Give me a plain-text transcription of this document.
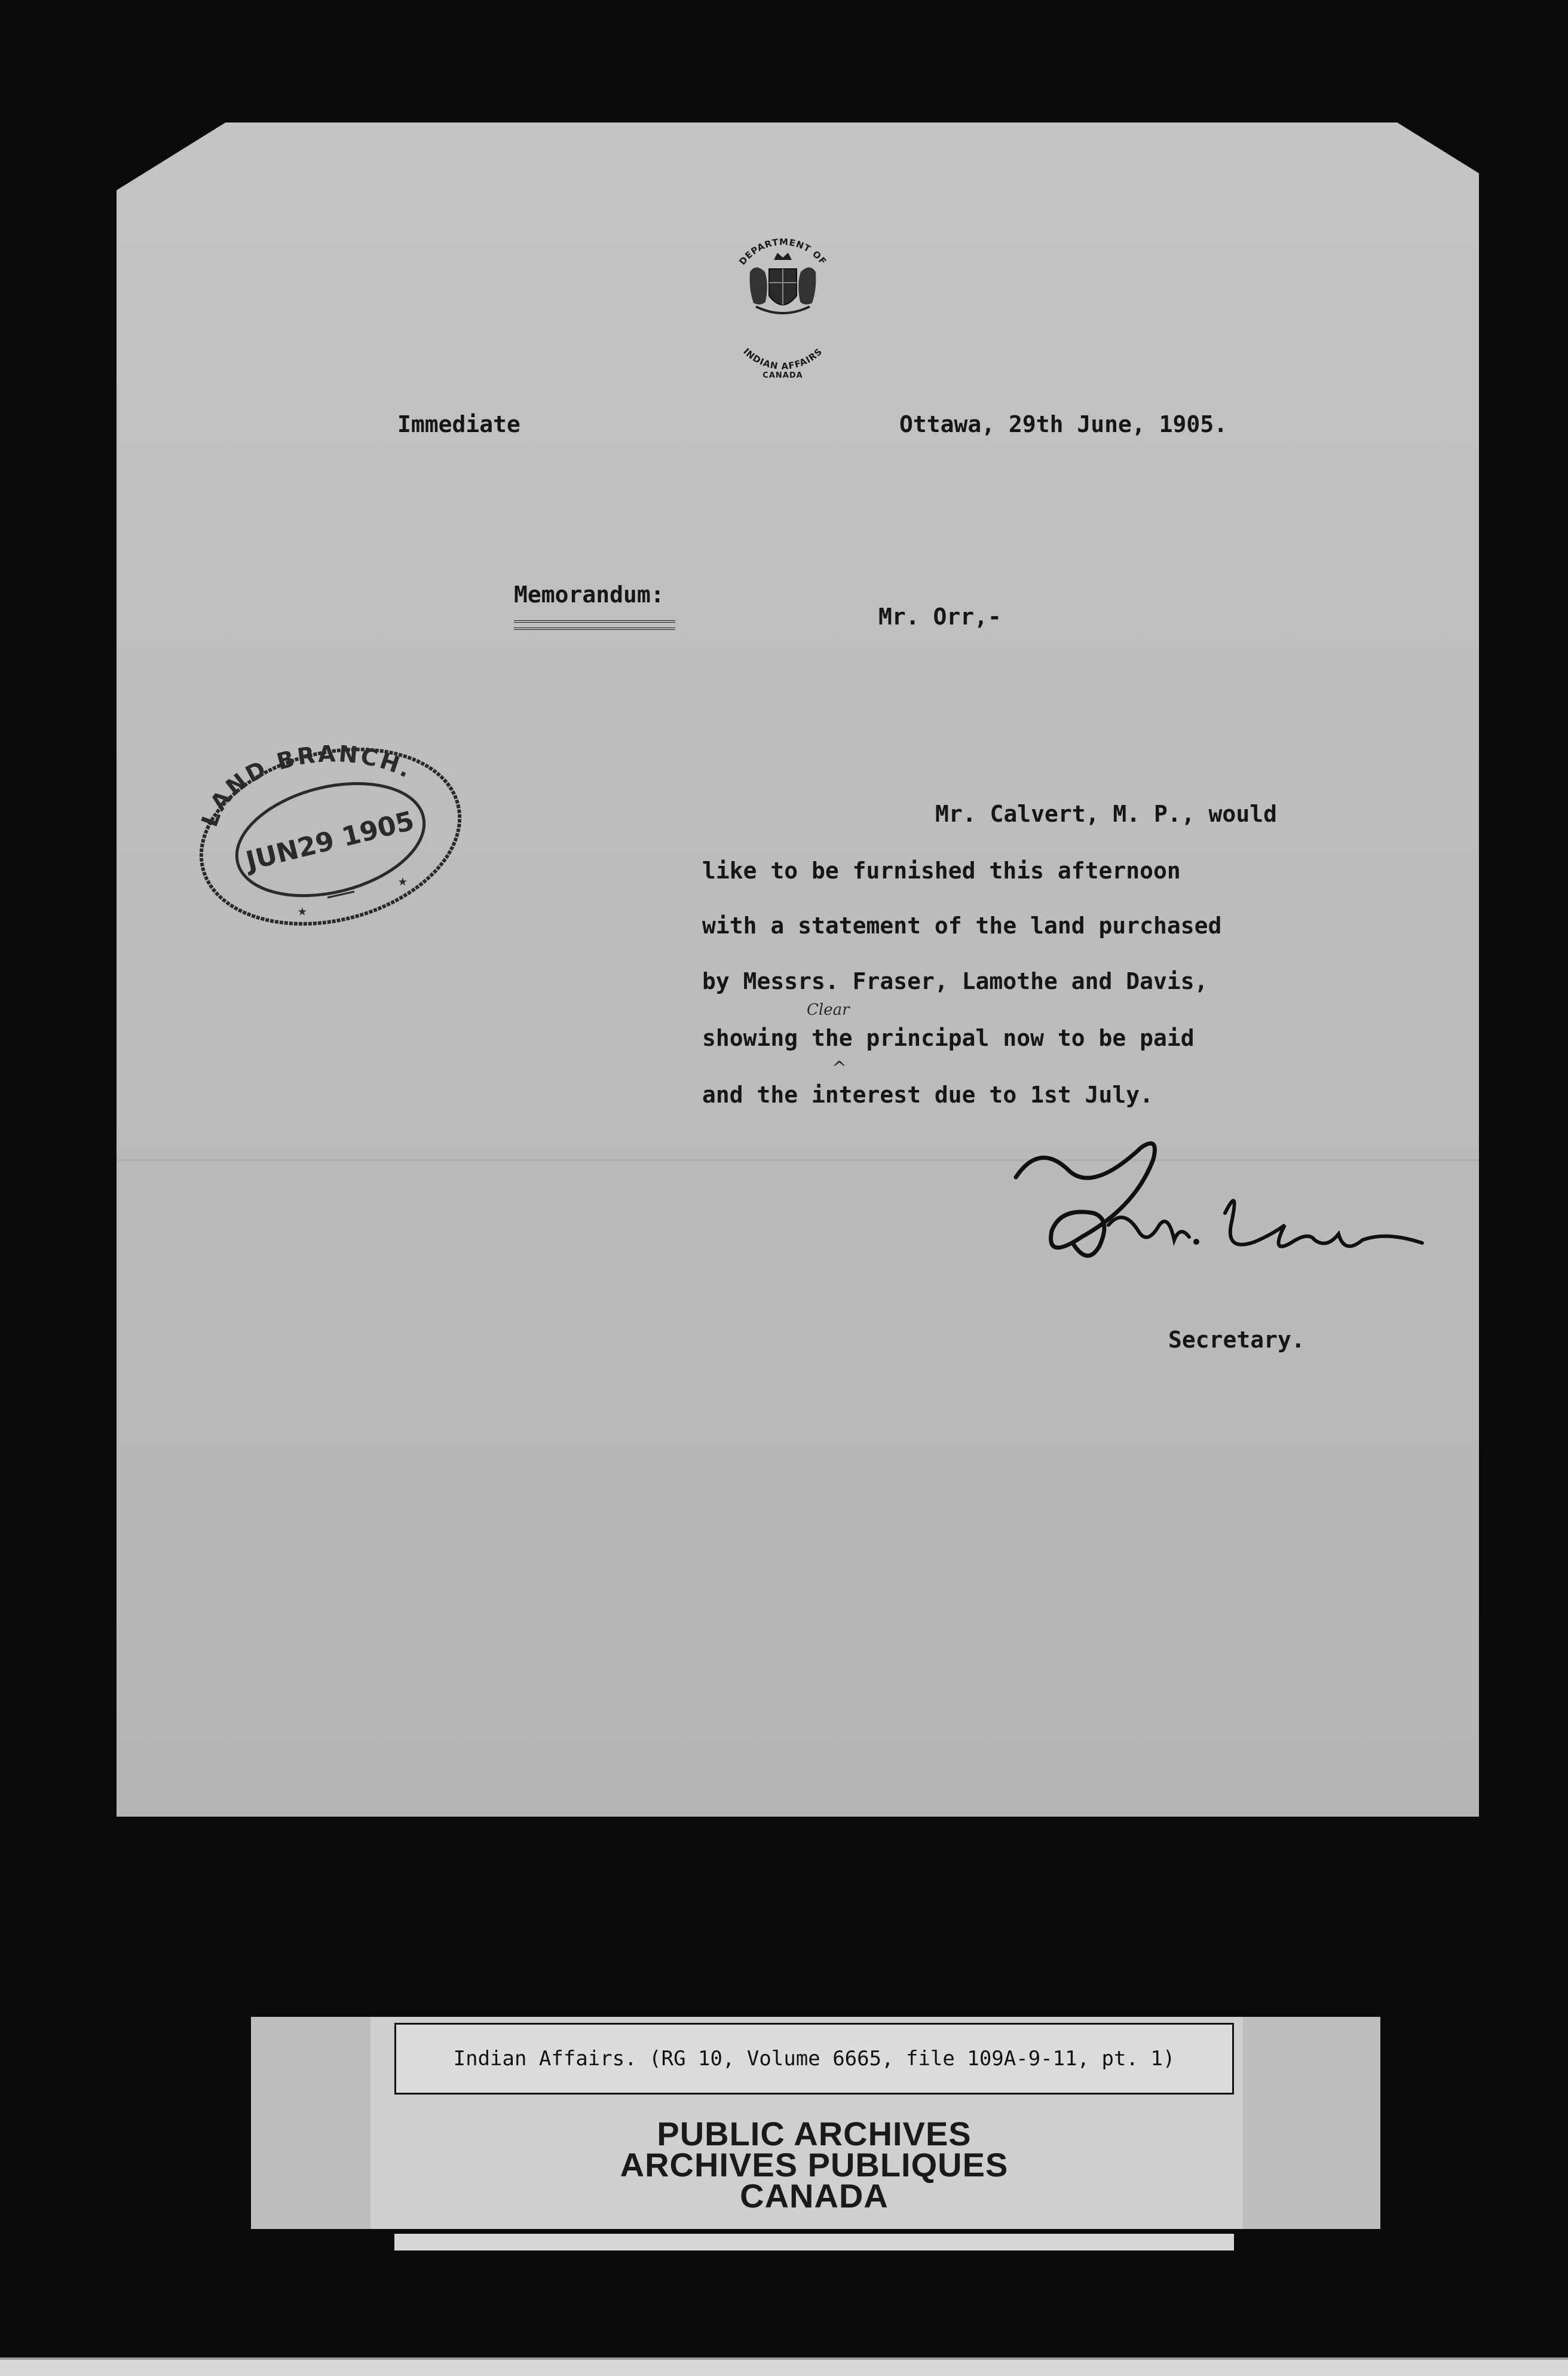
DEPARTMENT OF
INDIAN AFFAIRS
CANADA
Immediate	Ottawa, 29th June, 1905.
Memorandum:
Mr. Orr,-
Mr. Calvert, M. P., would
like to be furnished this afternoon
with a statement of the land purchased
by Messrs. Fraser, Lamothe and Davis,
showing the principal now to be paid
and the interest due to 1st July.
Clear
^
LAND BRANCH.
JUN29 1905
★
★
Secretary.
Indian Affairs. (RG 10, Volume 6665, file 109A-9-11, pt. 1)
PUBLIC ARCHIVES
ARCHIVES PUBLIQUES
CANADA
